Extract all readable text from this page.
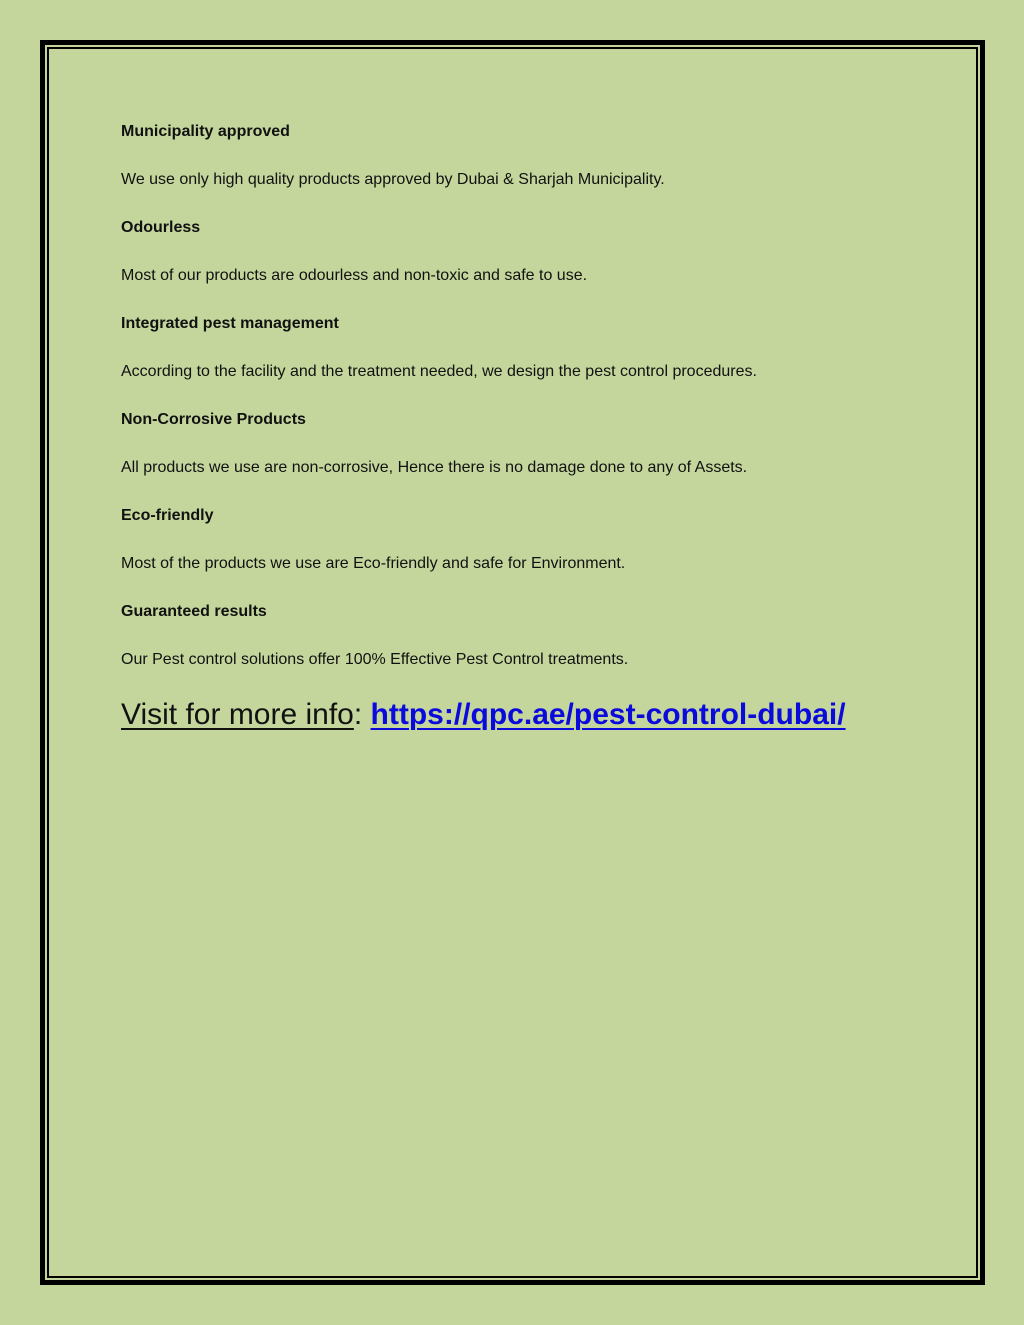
Municipality approved
We use only high quality products approved by Dubai & Sharjah Municipality.
Odourless
Most of our products are odourless and non-toxic and safe to use.
Integrated pest management
According to the facility and the treatment needed, we design the pest control procedures.
Non-Corrosive Products
All products we use are non-corrosive, Hence there is no damage done to any of Assets.
Eco-friendly
Most of the products we use are Eco-friendly and safe for Environment.
Guaranteed results
Our Pest control solutions offer 100% Effective Pest Control treatments.
Visit for more info: https://qpc.ae/pest-control-dubai/
